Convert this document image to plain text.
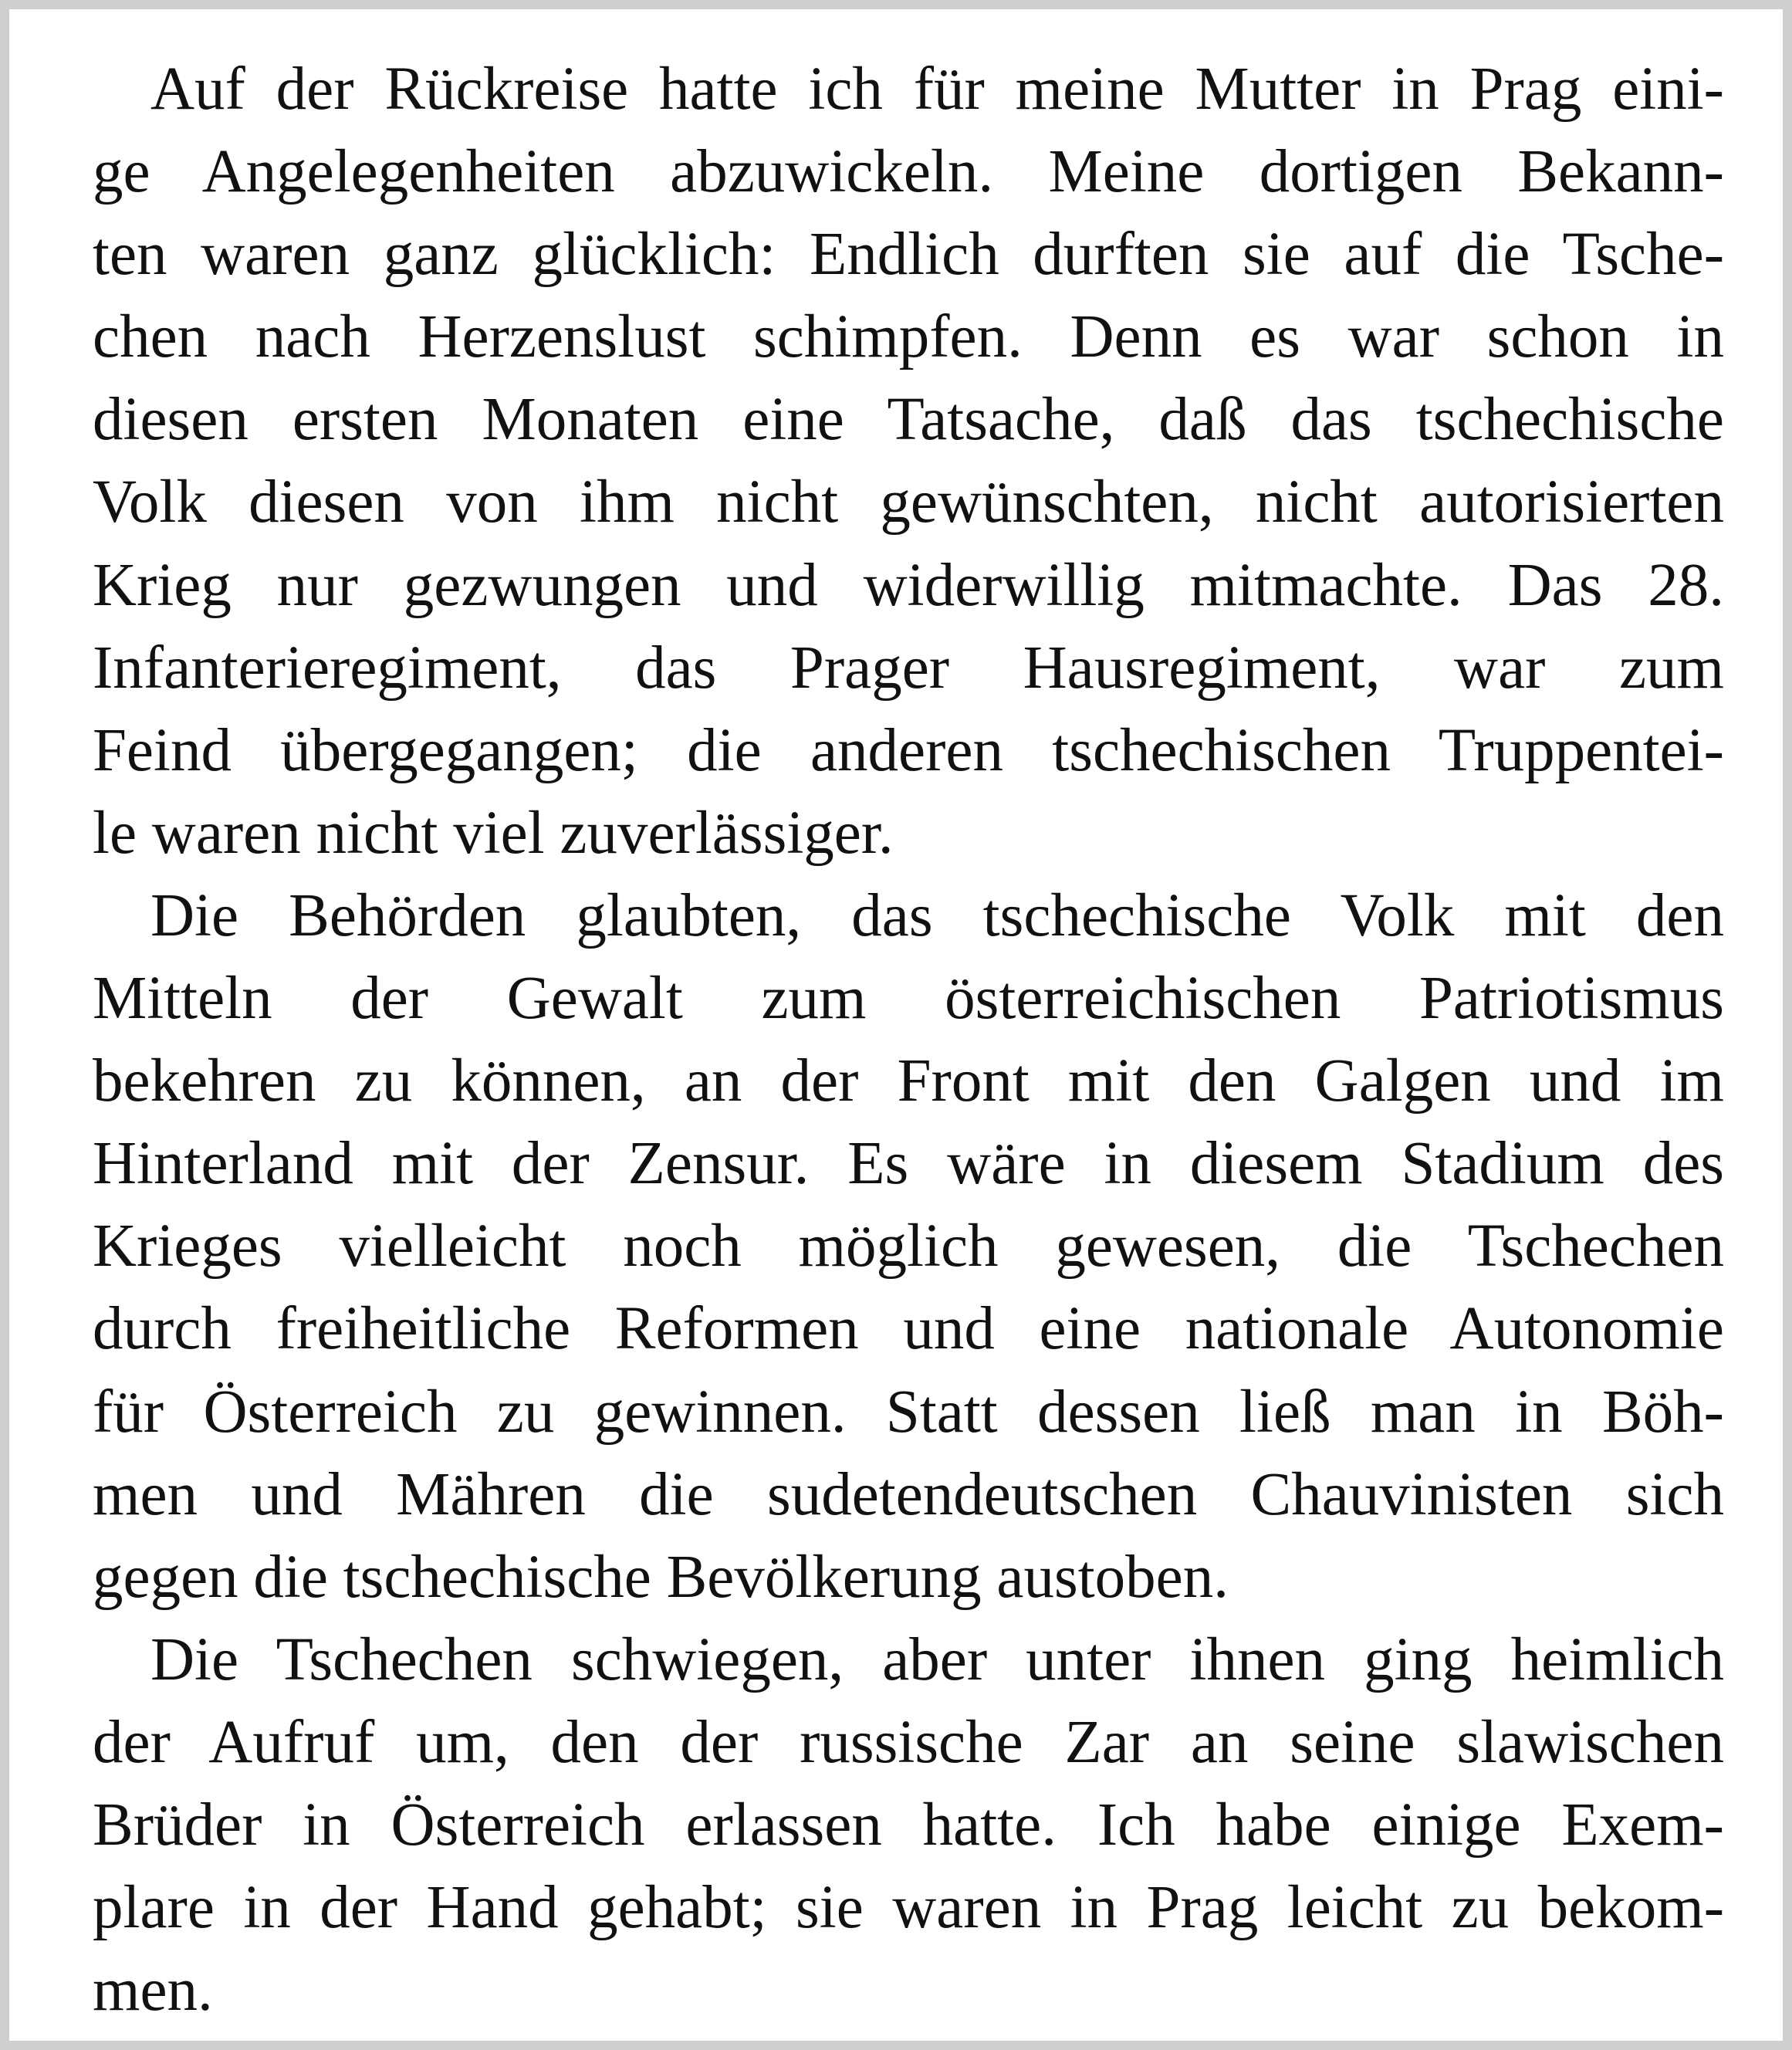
Auf der Rückreise hatte ich für meine Mutter in Prag eini-
ge Angelegenheiten abzuwickeln. Meine dortigen Bekann-
ten waren ganz glücklich: Endlich durften sie auf die Tsche-
chen nach Herzenslust schimpfen. Denn es war schon in
diesen ersten Monaten eine Tatsache, daß das tschechische
Volk diesen von ihm nicht gewünschten, nicht autorisierten
Krieg nur gezwungen und widerwillig mitmachte. Das 28.
Infanterieregiment, das Prager Hausregiment, war zum
Feind übergegangen; die anderen tschechischen Truppentei-
le waren nicht viel zuverlässiger.
Die Behörden glaubten, das tschechische Volk mit den
Mitteln der Gewalt zum österreichischen Patriotismus
bekehren zu können, an der Front mit den Galgen und im
Hinterland mit der Zensur. Es wäre in diesem Stadium des
Krieges vielleicht noch möglich gewesen, die Tschechen
durch freiheitliche Reformen und eine nationale Autonomie
für Österreich zu gewinnen. Statt dessen ließ man in Böh-
men und Mähren die sudetendeutschen Chauvinisten sich
gegen die tschechische Bevölkerung austoben.
Die Tschechen schwiegen, aber unter ihnen ging heimlich
der Aufruf um, den der russische Zar an seine slawischen
Brüder in Österreich erlassen hatte. Ich habe einige Exem-
plare in der Hand gehabt; sie waren in Prag leicht zu bekom-
men.
